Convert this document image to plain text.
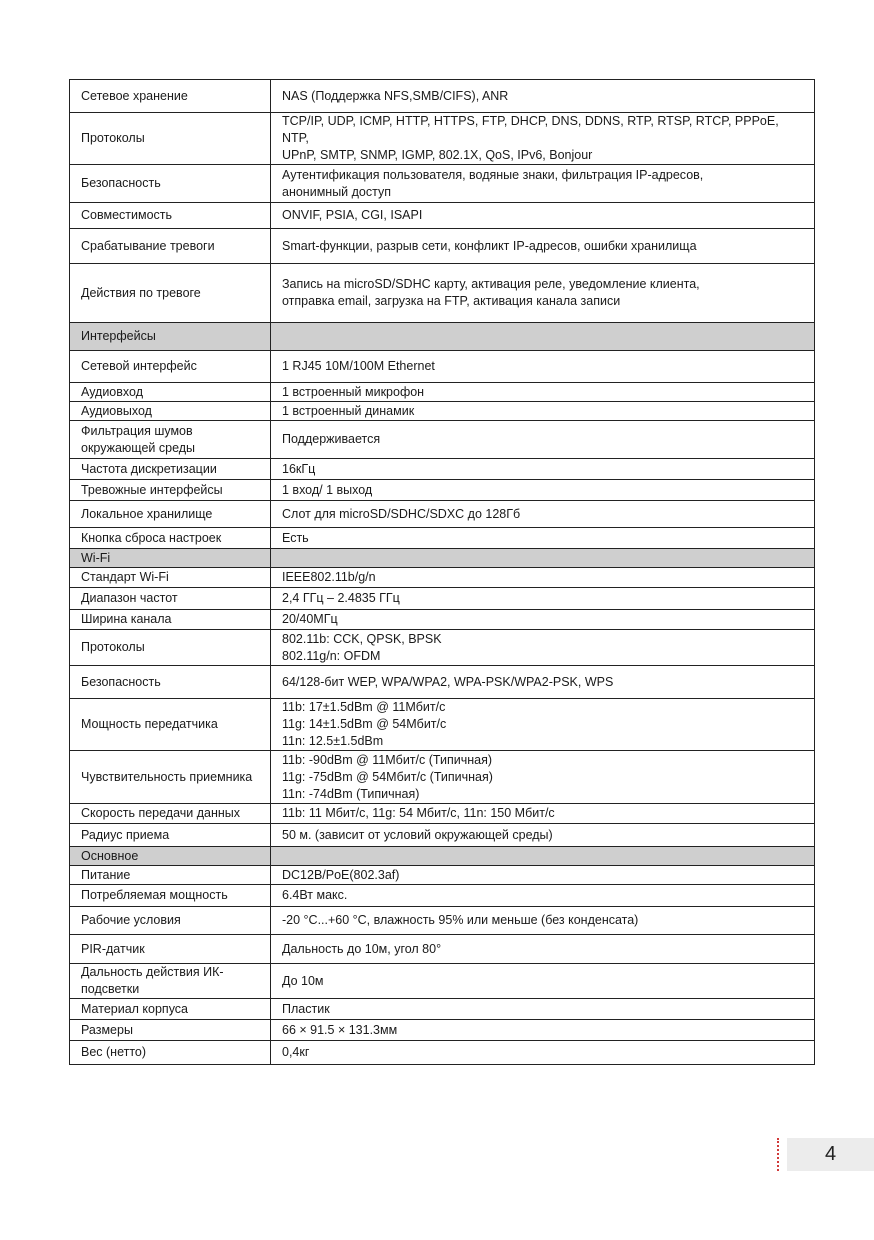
Сетевое хранение	NAS (Поддержка NFS,SMB/CIFS), ANR

Протоколы	TCP/IP, UDP, ICMP, HTTP, HTTPS, FTP, DHCP, DNS, DDNS, RTP, RTSP, RTCP, PPPoE, NTP,
UPnP, SMTP, SNMP, IGMP, 802.1X, QoS, IPv6, Bonjour

Безопасность	Аутентификация пользователя, водяные знаки, фильтрация IP-адресов,
анонимный доступ

Совместимость	ONVIF, PSIA, CGI, ISAPI

Срабатывание тревоги	Smart-функции, разрыв сети, конфликт IP-адресов, ошибки хранилища

Действия по тревоге	Запись на microSD/SDHC карту, активация реле, уведомление клиента,
отправка email, загрузка на FTP, активация канала записи

Интерфейсы	
Сетевой интерфейс	1 RJ45 10M/100M Ethernet

Аудиовход	1 встроенный микрофон

Аудиовыход	1 встроенный динамик

Фильтрация шумов окружающей среды	Поддерживается

Частота дискретизации	16кГц

Тревожные интерфейсы	1 вход/ 1 выход

Локальное хранилище	Слот для microSD/SDHC/SDXC до 128Гб

Кнопка сброса настроек	Есть

Wi-Fi	
Стандарт Wi-Fi	IEEE802.11b/g/n

Диапазон частот	2,4 ГГц – 2.4835 ГГц

Ширина канала	20/40МГц

Протоколы	802.11b: CCK, QPSK, BPSK
802.11g/n: OFDM

Безопасность	64/128-бит WEP, WPA/WPA2, WPA-PSK/WPA2-PSK, WPS

Мощность передатчика	11b: 17±1.5dBm @ 11Мбит/с
11g: 14±1.5dBm @ 54Мбит/с
11n: 12.5±1.5dBm

Чувствительность приемника	11b: -90dBm @ 11Мбит/с (Типичная)
11g: -75dBm @ 54Мбит/с (Типичная)
11n: -74dBm (Типичная)

Скорость передачи данных	11b: 11 Мбит/с, 11g: 54 Мбит/с, 11n: 150 Мбит/с

Радиус приема	50 м. (зависит от условий окружающей среды)

Основное	
Питание	DC12В/PoE(802.3af)

Потребляемая мощность	6.4Вт макс.

Рабочие условия	-20 °C...+60 °C, влажность 95% или меньше (без конденсата)

PIR-датчик	Дальность до 10м, угол 80°

Дальность действия ИК-подсветки	До 10м

Материал корпуса	Пластик

Размеры	66 × 91.5 × 131.3мм

Вес (нетто)	0,4кг
4
